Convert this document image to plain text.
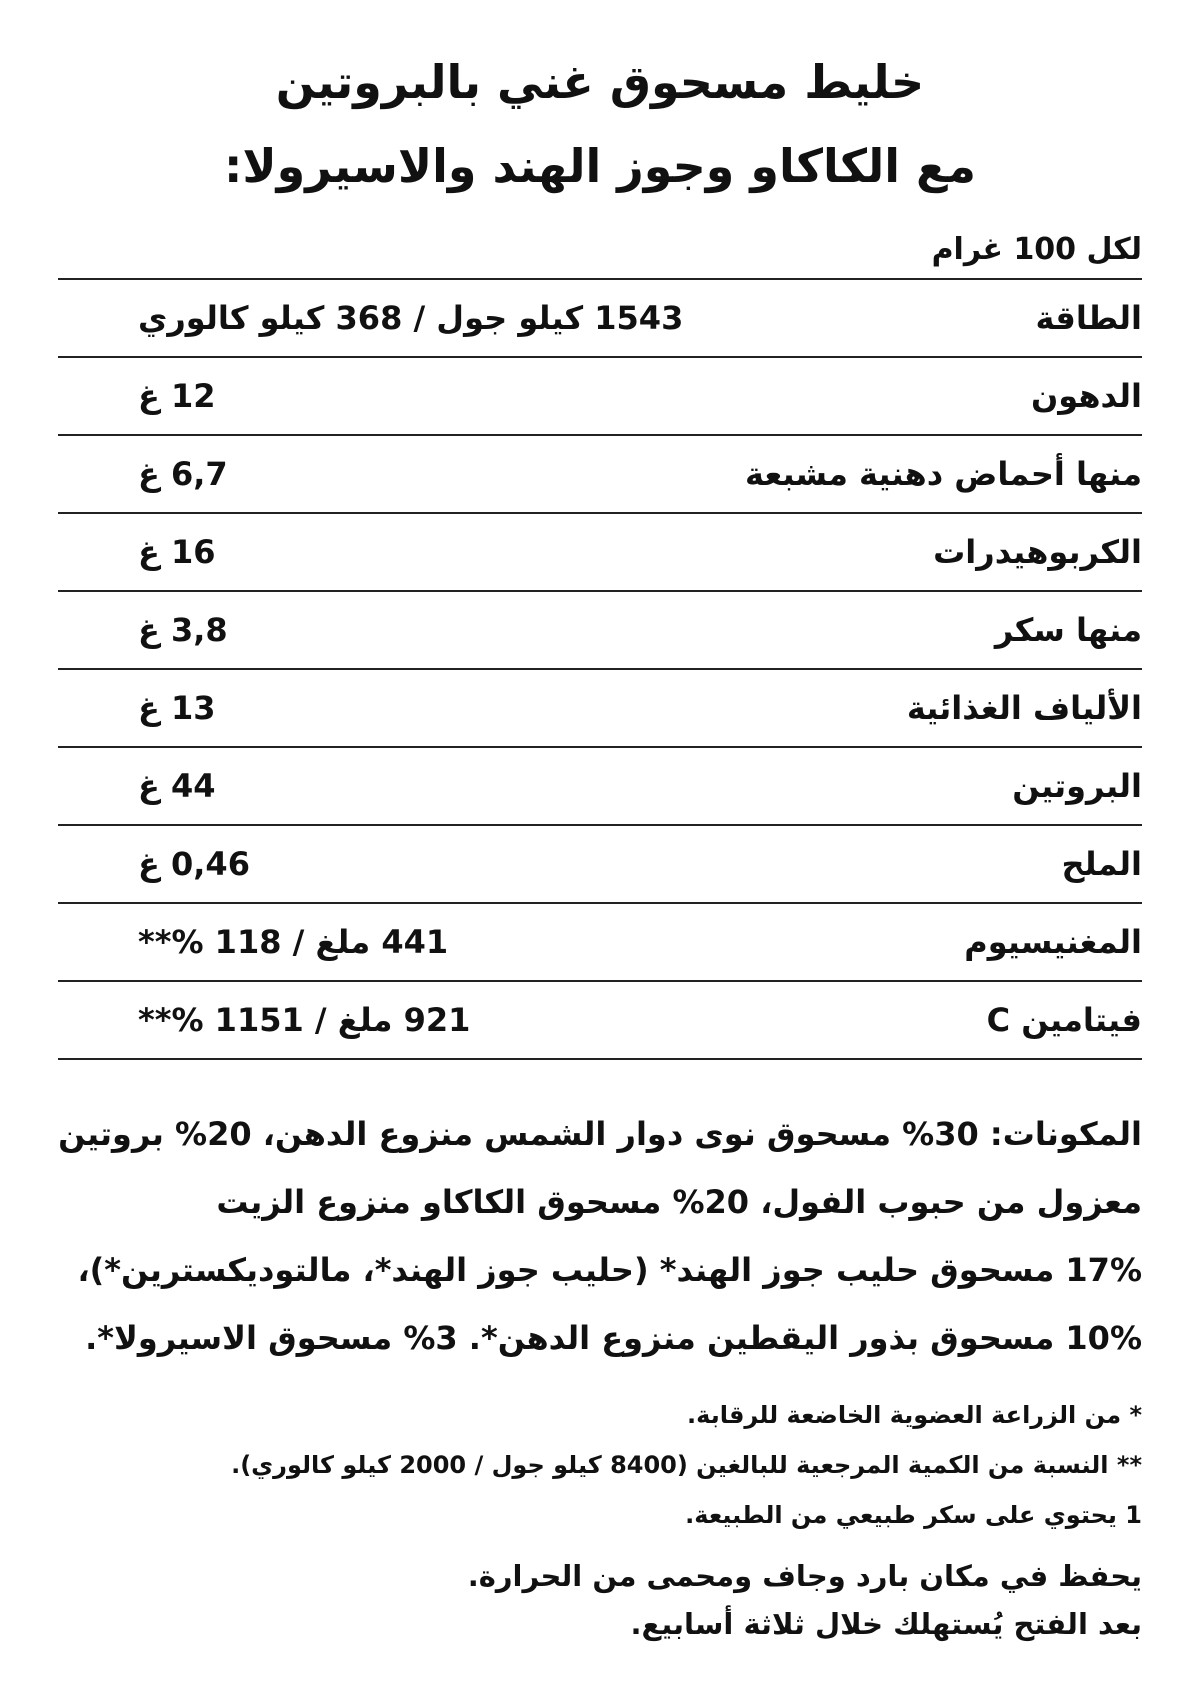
خليط مسحوق غني بالبروتين
مع الكاكاو وجوز الهند والاسيرولا:
لكل 100 غرام
الطاقة
1543 كيلو جول / 368 كيلو كالوري
الدهون
12 غ
منها أحماض دهنية مشبعة
6,7 غ
الكربوهيدرات
16 غ
منها سكر
3,8 غ
الألياف الغذائية
13 غ
البروتين
44 غ
الملح
0,46 غ
المغنيسيوم
441 ملغ / 118 %**
فيتامين C
921 ملغ / 1151 %**
المكونات: 30% مسحوق نوى دوار الشمس منزوع الدهن، 20% بروتين
معزول من حبوب الفول، 20% مسحوق الكاكاو منزوع الزيت
17% مسحوق حليب جوز الهند* (حليب جوز الهند*، مالتوديكسترين*)،
10% مسحوق بذور اليقطين منزوع الدهن*. 3% مسحوق الاسيرولا*.
* من الزراعة العضوية الخاضعة للرقابة.
** النسبة من الكمية المرجعية للبالغين (8400 كيلو جول / 2000 كيلو كالوري).
1 يحتوي على سكر طبيعي من الطبيعة.
يحفظ في مكان بارد وجاف ومحمى من الحرارة.
بعد الفتح يُستهلك خلال ثلاثة أسابيع.
